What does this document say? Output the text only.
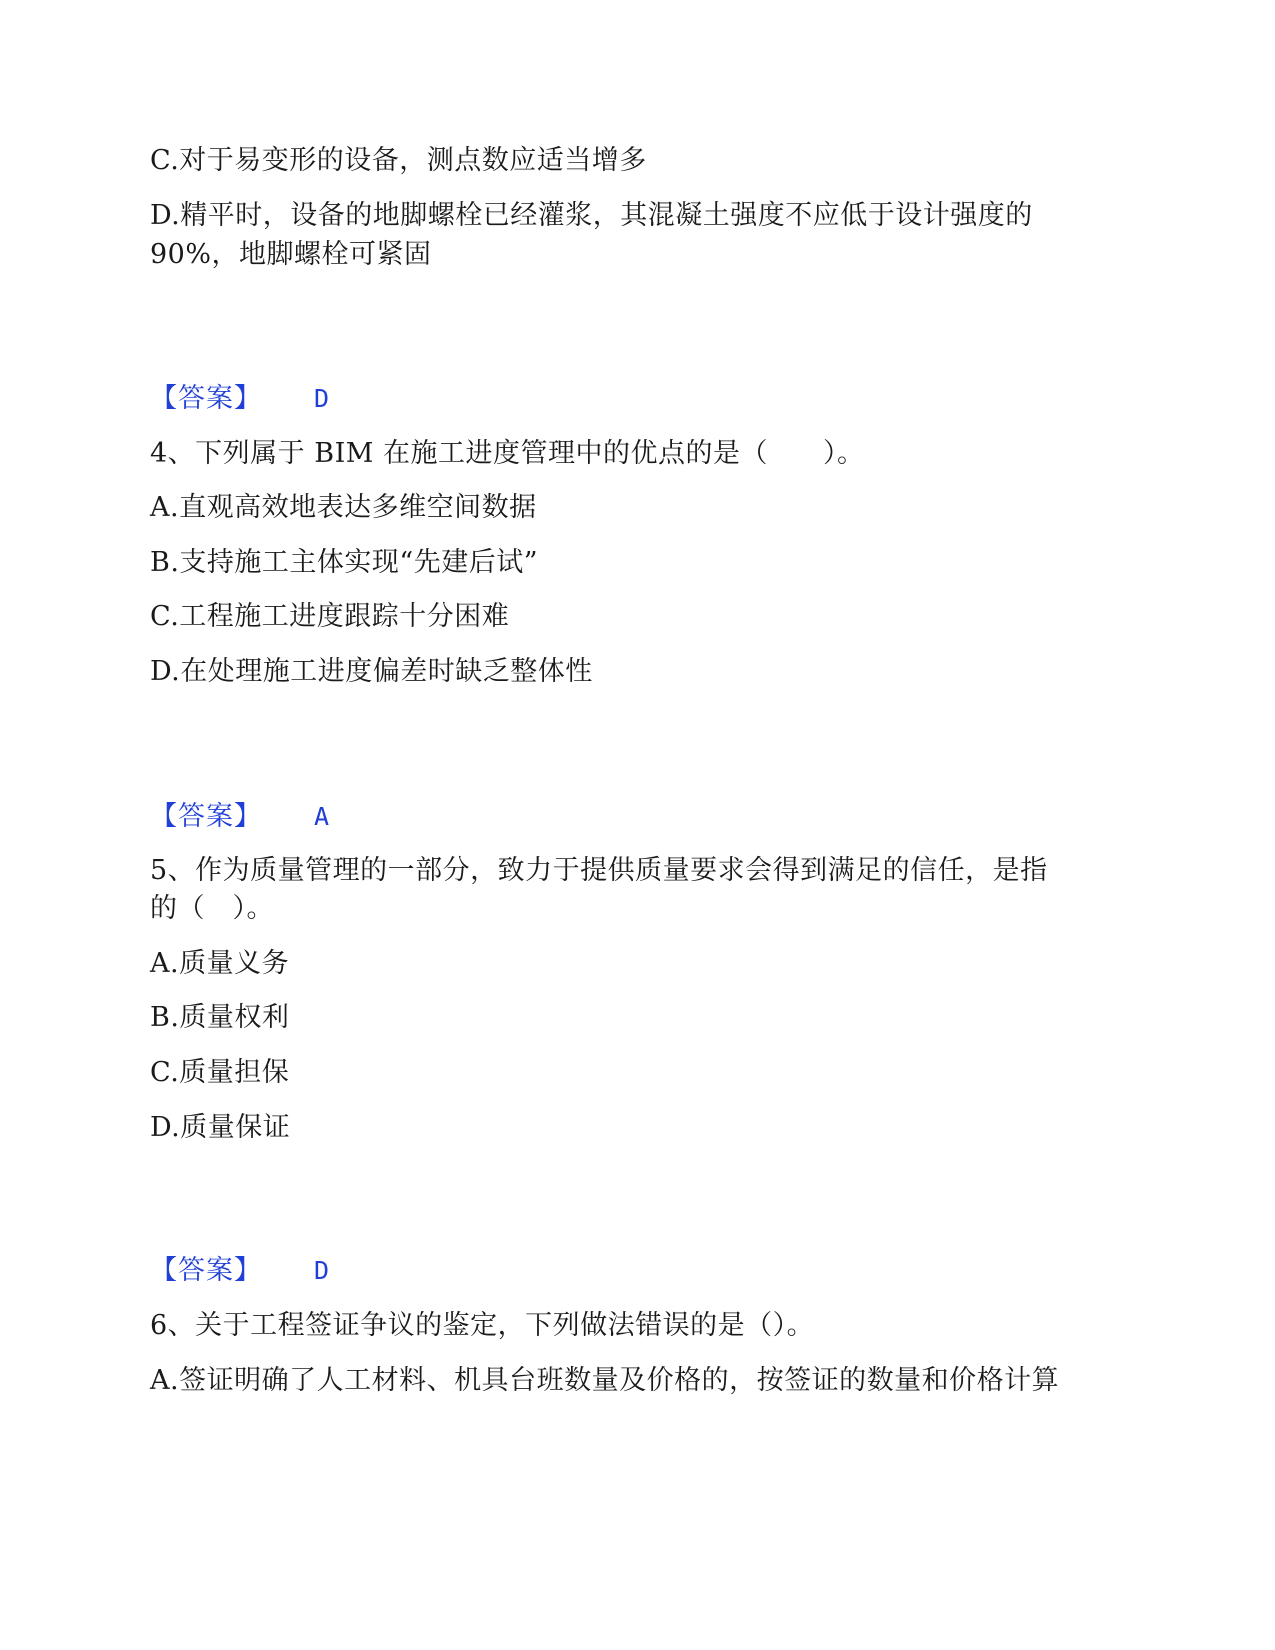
C.对于易变形的设备，测点数应适当增多
D.精平时，设备的地脚螺栓已经灌浆，其混凝土强度不应低于设计强度的
90%，地脚螺栓可紧固
【答案】 D
4、下列属于 BIM 在施工进度管理中的优点的是（　　）。
A.直观高效地表达多维空间数据
B.支持施工主体实现“先建后试”
C.工程施工进度跟踪十分困难
D.在处理施工进度偏差时缺乏整体性
【答案】 A
5、作为质量管理的一部分，致力于提供质量要求会得到满足的信任，是指
的（　）。
A.质量义务
B.质量权利
C.质量担保
D.质量保证
【答案】 D
6、关于工程签证争议的鉴定，下列做法错误的是（）。
A.签证明确了人工材料、机具台班数量及价格的，按签证的数量和价格计算
